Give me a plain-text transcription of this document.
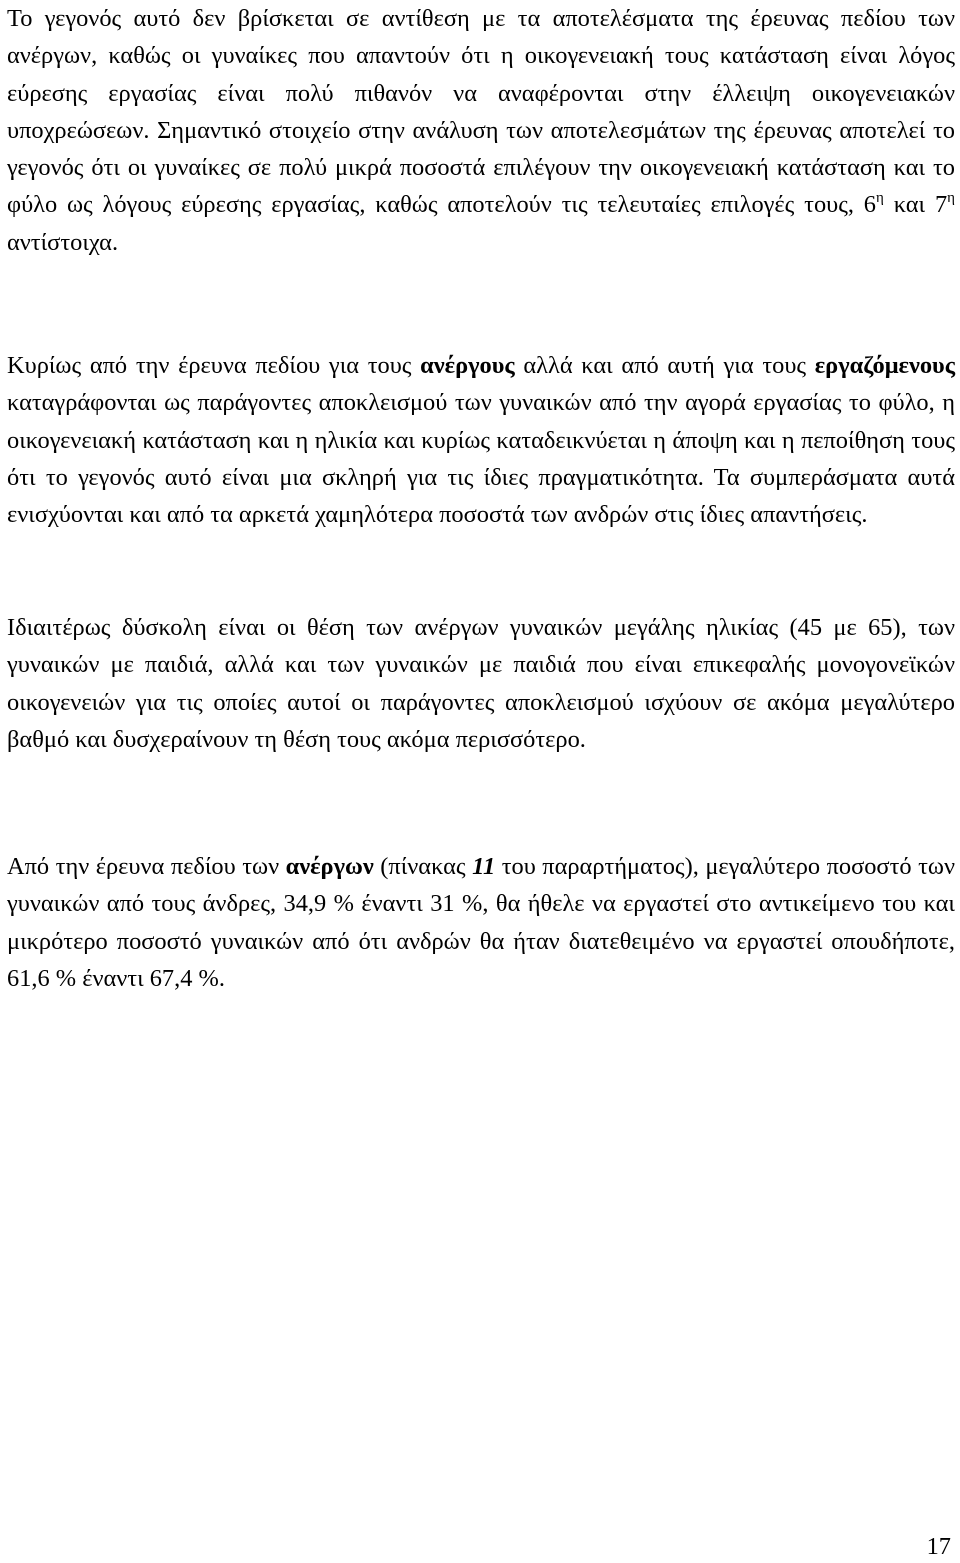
Το γεγονός αυτό δεν βρίσκεται σε αντίθεση με τα αποτελέσματα της έρευνας πεδίου των ανέργων, καθώς οι γυναίκες που απαντούν ότι η οικογενειακή τους κατάσταση είναι λόγος εύρεσης εργασίας είναι πολύ πιθανόν να αναφέρονται στην έλλειψη οικογενειακών υποχρεώσεων. Σημαντικό στοιχείο στην ανάλυση των αποτελεσμάτων της έρευνας αποτελεί το γεγονός ότι οι γυναίκες σε πολύ μικρά ποσοστά επιλέγουν την οικογενειακή κατάσταση και το φύλο ως λόγους εύρεσης εργασίας, καθώς αποτελούν τις τελευταίες επιλογές τους, $6^\eta$ και $7^\eta$ αντίστοιχα.

Κυρίως από την έρευνα πεδίου για τους ανέργους αλλά και από αυτή για τους εργαζόμενους καταγράφονται ως παράγοντες αποκλεισμού των γυναικών από την αγορά εργασίας το φύλο, η οικογενειακή κατάσταση και η ηλικία και κυρίως καταδεικνύεται η άποψη και η πεποίθηση τους ότι το γεγονός αυτό είναι μια σκληρή για τις ίδιες πραγματικότητα. Τα συμπεράσματα αυτά ενισχύονται και από τα αρκετά χαμηλότερα ποσοστά των ανδρών στις ίδιες απαντήσεις.

Ιδιαιτέρως δύσκολη είναι οι θέση των ανέργων γυναικών μεγάλης ηλικίας (45 με 65), των γυναικών με παιδιά, αλλά και των γυναικών με παιδιά που είναι επικεφαλής μονογονεϊκών οικογενειών για τις οποίες αυτοί οι παράγοντες αποκλεισμού ισχύουν σε ακόμα μεγαλύτερο βαθμό και δυσχεραίνουν τη θέση τους ακόμα περισσότερο.

Από την έρευνα πεδίου των ανέργων (πίνακας 11 του παραρτήματος), μεγαλύτερο ποσοστό των γυναικών από τους άνδρες, 34,9 % έναντι 31 %, θα ήθελε να εργαστεί στο αντικείμενο του και μικρότερο ποσοστό γυναικών από ότι ανδρών θα ήταν διατεθειμένο να εργαστεί οπουδήποτε, 61,6 % έναντι 67,4 %.

17
